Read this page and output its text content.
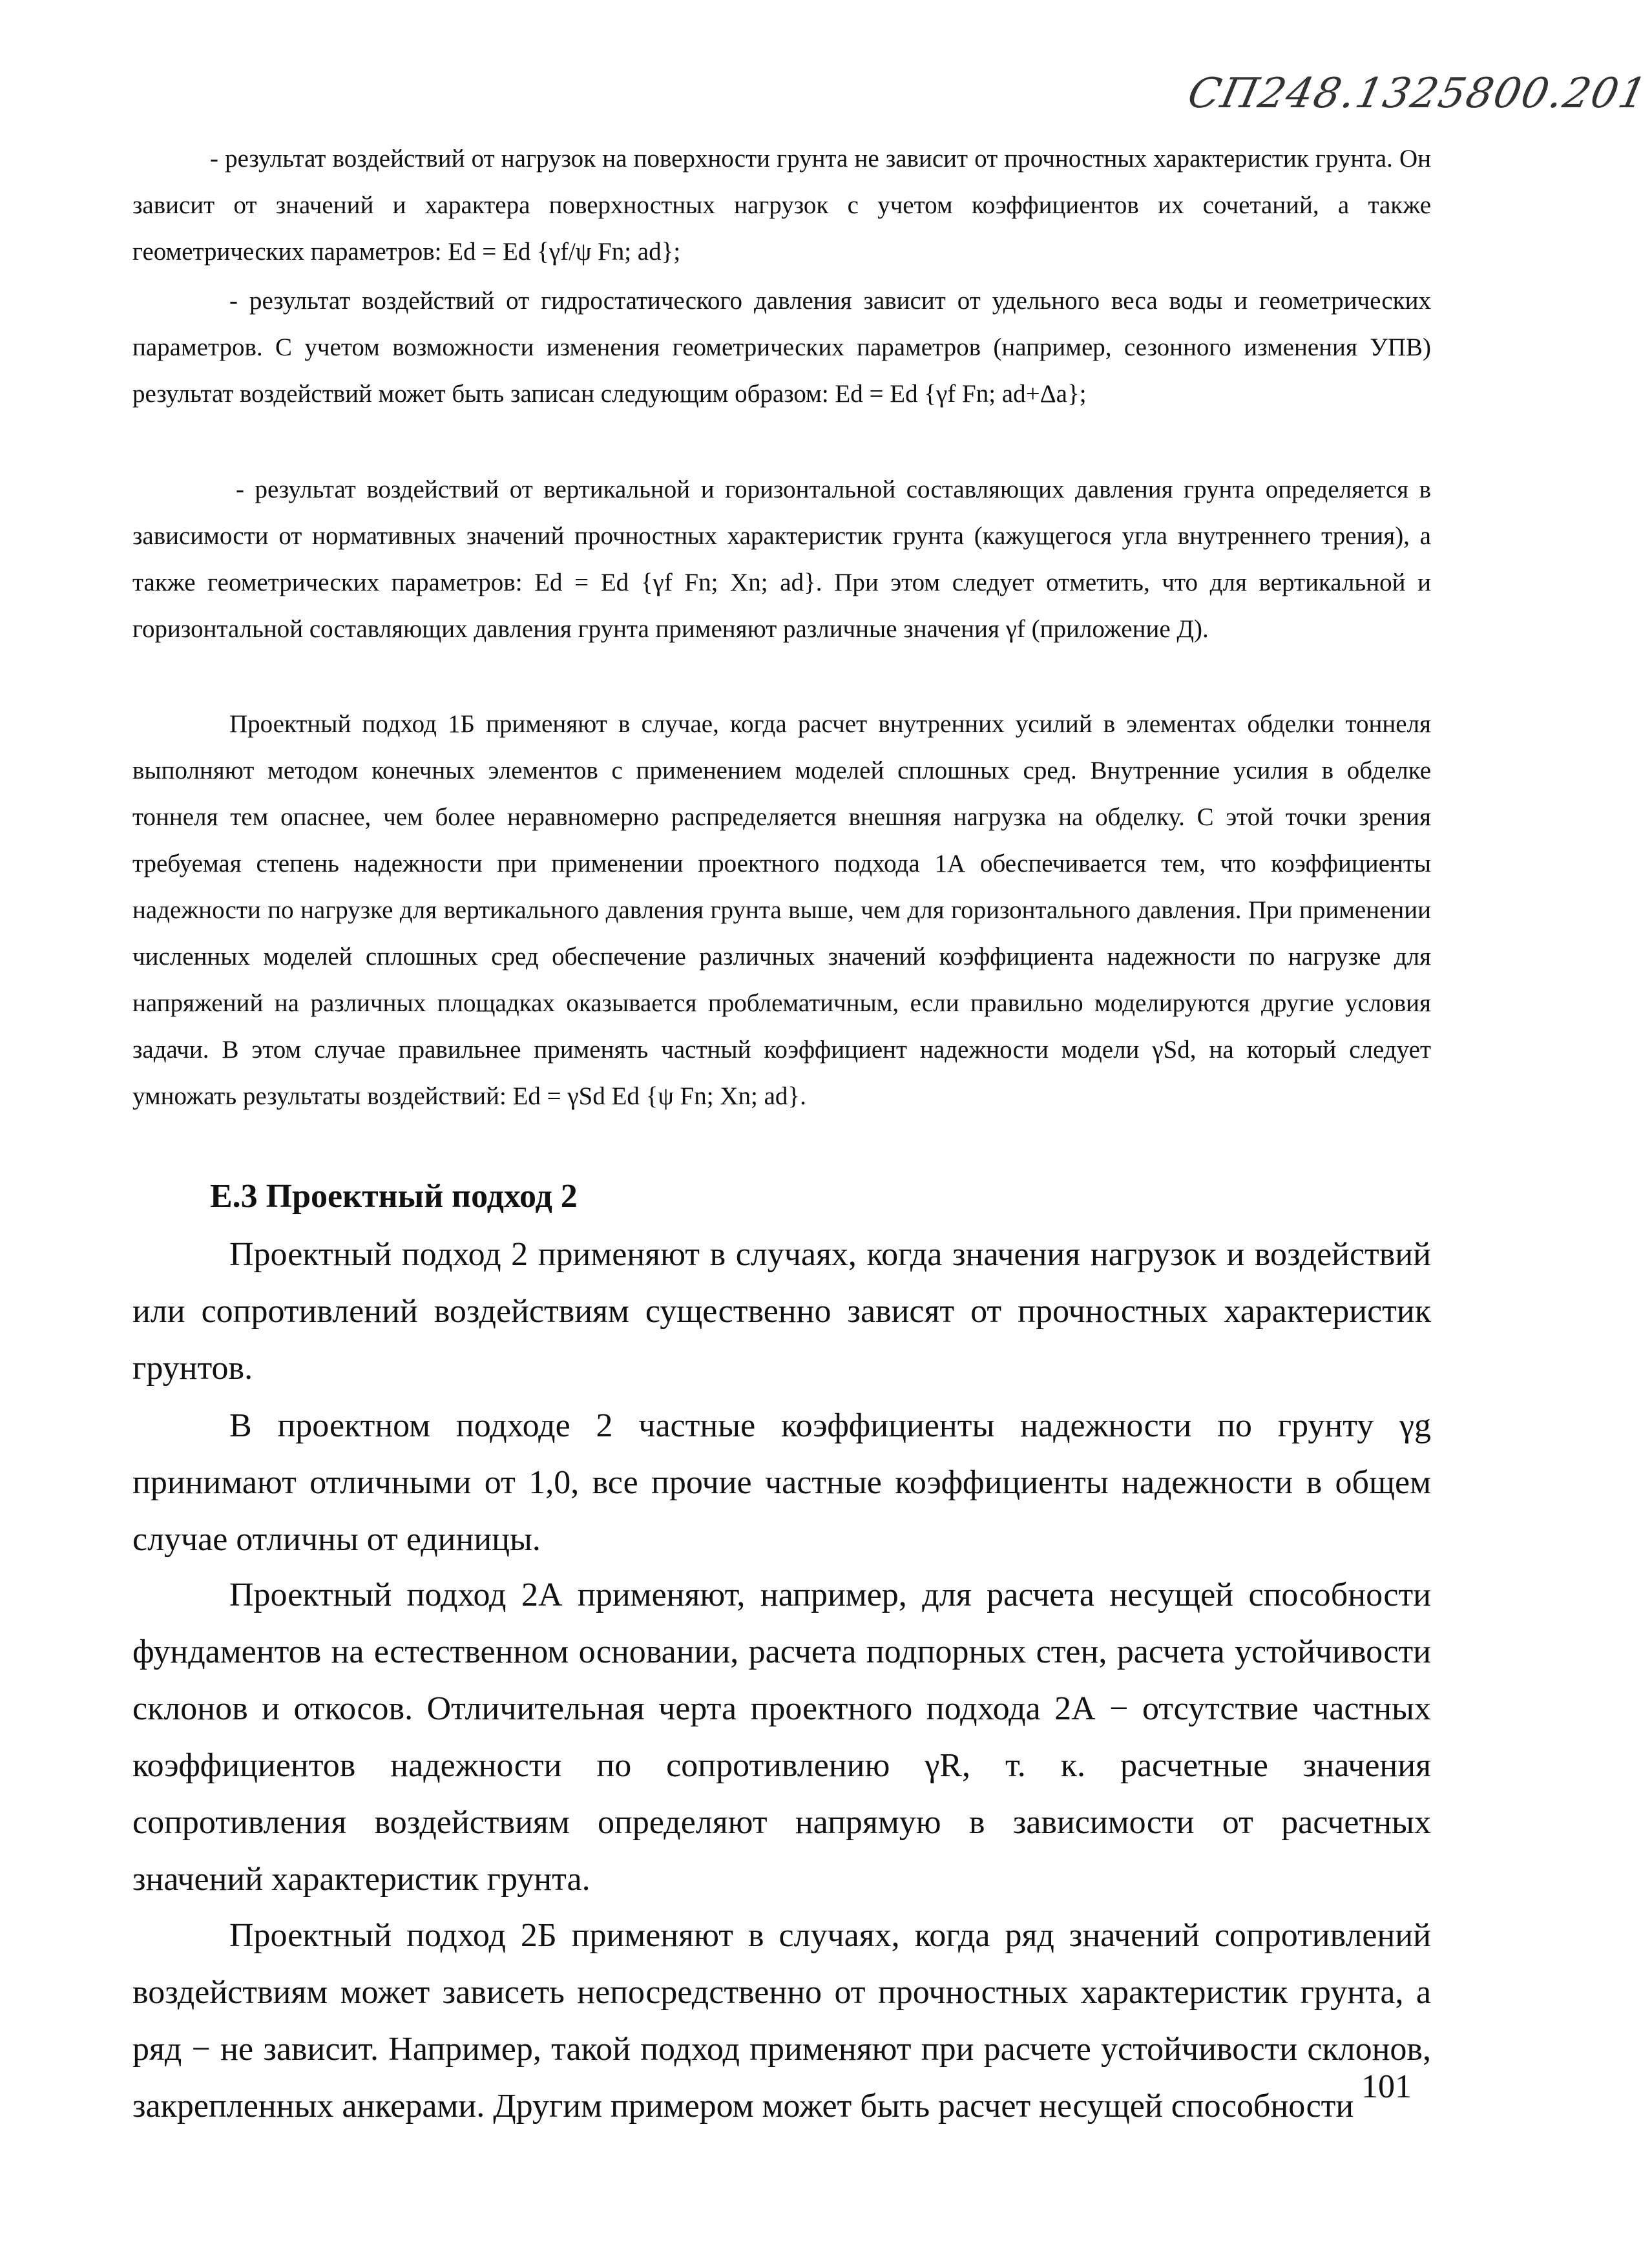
СП248.1325800.201

- результат воздействий от нагрузок на поверхности грунта не зависит от прочностных характеристик грунта. Он зависит от значений и характера поверхностных нагрузок с учетом коэффициентов их сочетаний, а также геометрических параметров: Ed = Ed {γf/ψ Fn; ad};

- результат воздействий от гидростатического давления зависит от удельного веса воды и геометрических параметров. С учетом возможности изменения геометрических параметров (например, сезонного изменения УПВ) результат воздействий может быть записан следующим образом: Ed = Ed {γf Fn; ad+Δa};

- результат воздействий от вертикальной и горизонтальной составляющих давления грунта определяется в зависимости от нормативных значений прочностных характеристик грунта (кажущегося угла внутреннего трения), а также геометрических параметров: Ed = Ed {γf Fn; Xn; ad}. При этом следует отметить, что для вертикальной и горизонтальной составляющих давления грунта применяют различные значения γf (приложение Д).

Проектный подход 1Б применяют в случае, когда расчет внутренних усилий в элементах обделки тоннеля выполняют методом конечных элементов с применением моделей сплошных сред. Внутренние усилия в обделке тоннеля тем опаснее, чем более неравномерно распределяется внешняя нагрузка на обделку. С этой точки зрения требуемая степень надежности при применении проектного подхода 1А обеспечивается тем, что коэффициенты надежности по нагрузке для вертикального давления грунта выше, чем для горизонтального давления. При применении численных моделей сплошных сред обеспечение различных значений коэффициента надежности по нагрузке для напряжений на различных площадках оказывается проблематичным, если правильно моделируются другие условия задачи. В этом случае правильнее применять частный коэффициент надежности модели γSd, на который следует умножать результаты воздействий: Ed = γSd Ed {ψ Fn; Xn; ad}.

Е.3 Проектный подход 2

Проектный подход 2 применяют в случаях, когда значения нагрузок и воздействий или сопротивлений воздействиям существенно зависят от прочностных характеристик грунтов.

В проектном подходе 2 частные коэффициенты надежности по грунту γg принимают отличными от 1,0, все прочие частные коэффициенты надежности в общем случае отличны от единицы.

Проектный подход 2А применяют, например, для расчета несущей способности фундаментов на естественном основании, расчета подпорных стен, расчета устойчивости склонов и откосов. Отличительная черта проектного подхода 2А − отсутствие частных коэффициентов надежности по сопротивлению γR, т. к. расчетные значения сопротивления воздействиям определяют напрямую в зависимости от расчетных значений характеристик грунта.

Проектный подход 2Б применяют в случаях, когда ряд значений сопротивлений воздействиям может зависеть непосредственно от прочностных характеристик грунта, а ряд − не зависит. Например, такой подход применяют при расчете устойчивости склонов, закрепленных анкерами. Другим примером может быть расчет несущей способности

101
